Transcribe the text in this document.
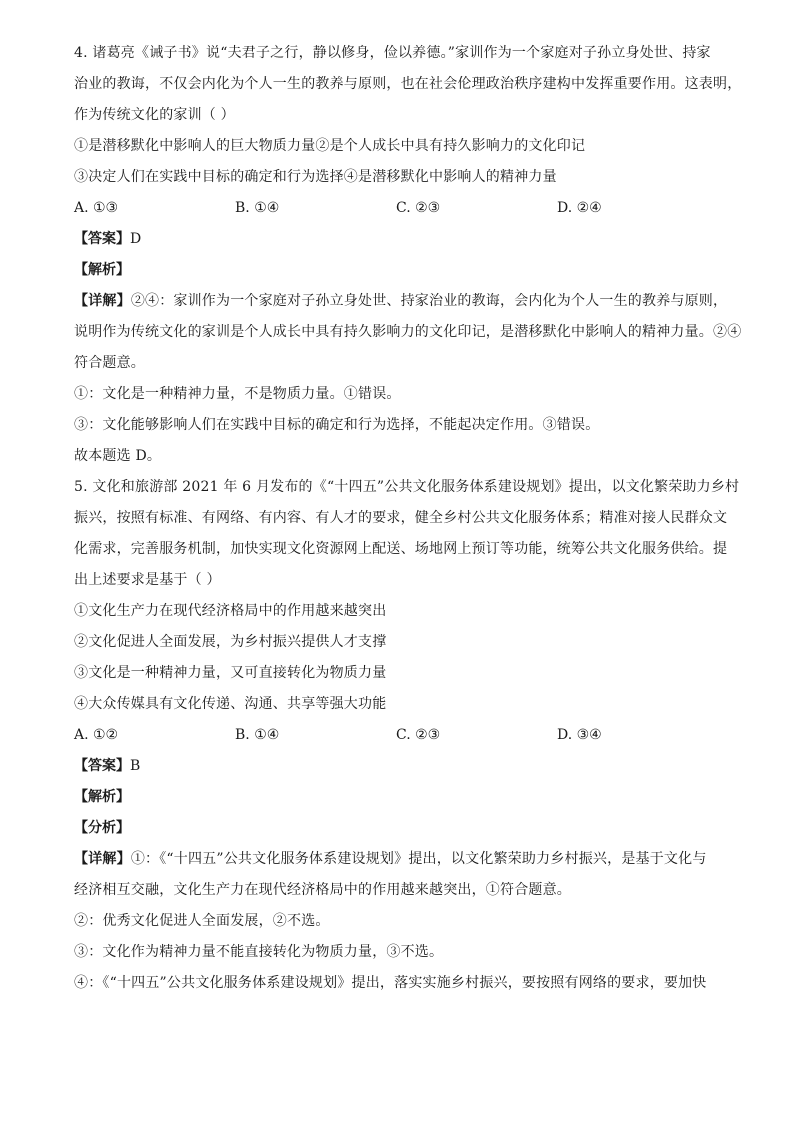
4. 诸葛亮《诫子书》说“夫君子之行，静以修身，俭以养德。”家训作为一个家庭对子孙立身处世、持家
治业的教诲，不仅会内化为个人一生的教养与原则，也在社会伦理政治秩序建构中发挥重要作用。这表明，
作为传统文化的家训（ ）
①是潜移默化中影响人的巨大物质力量②是个人成长中具有持久影响力的文化印记
③决定人们在实践中目标的确定和行为选择④是潜移默化中影响人的精神力量
A. ①③	B. ①④	C. ②③	D. ②④
【答案】D
【解析】
【详解】②④：家训作为一个家庭对子孙立身处世、持家治业的教诲，会内化为个人一生的教养与原则，
说明作为传统文化的家训是个人成长中具有持久影响力的文化印记，是潜移默化中影响人的精神力量。②④
符合题意。
①：文化是一种精神力量，不是物质力量。①错误。
③：文化能够影响人们在实践中目标的确定和行为选择，不能起决定作用。③错误。
故本题选 D。
5. 文化和旅游部 2021 年 6 月发布的《“十四五”公共文化服务体系建设规划》提出，以文化繁荣助力乡村
振兴，按照有标准、有网络、有内容、有人才的要求，健全乡村公共文化服务体系；精准对接人民群众文
化需求，完善服务机制，加快实现文化资源网上配送、场地网上预订等功能，统筹公共文化服务供给。提
出上述要求是基于（ ）
①文化生产力在现代经济格局中的作用越来越突出
②文化促进人全面发展，为乡村振兴提供人才支撑
③文化是一种精神力量，又可直接转化为物质力量
④大众传媒具有文化传递、沟通、共享等强大功能
A. ①②	B. ①④	C. ②③	D. ③④
【答案】B
【解析】
【分析】
【详解】①：《“十四五”公共文化服务体系建设规划》提出，以文化繁荣助力乡村振兴，是基于文化与
经济相互交融，文化生产力在现代经济格局中的作用越来越突出，①符合题意。
②：优秀文化促进人全面发展，②不选。
③：文化作为精神力量不能直接转化为物质力量，③不选。
④：《“十四五”公共文化服务体系建设规划》提出，落实实施乡村振兴，要按照有网络的要求，要加快
